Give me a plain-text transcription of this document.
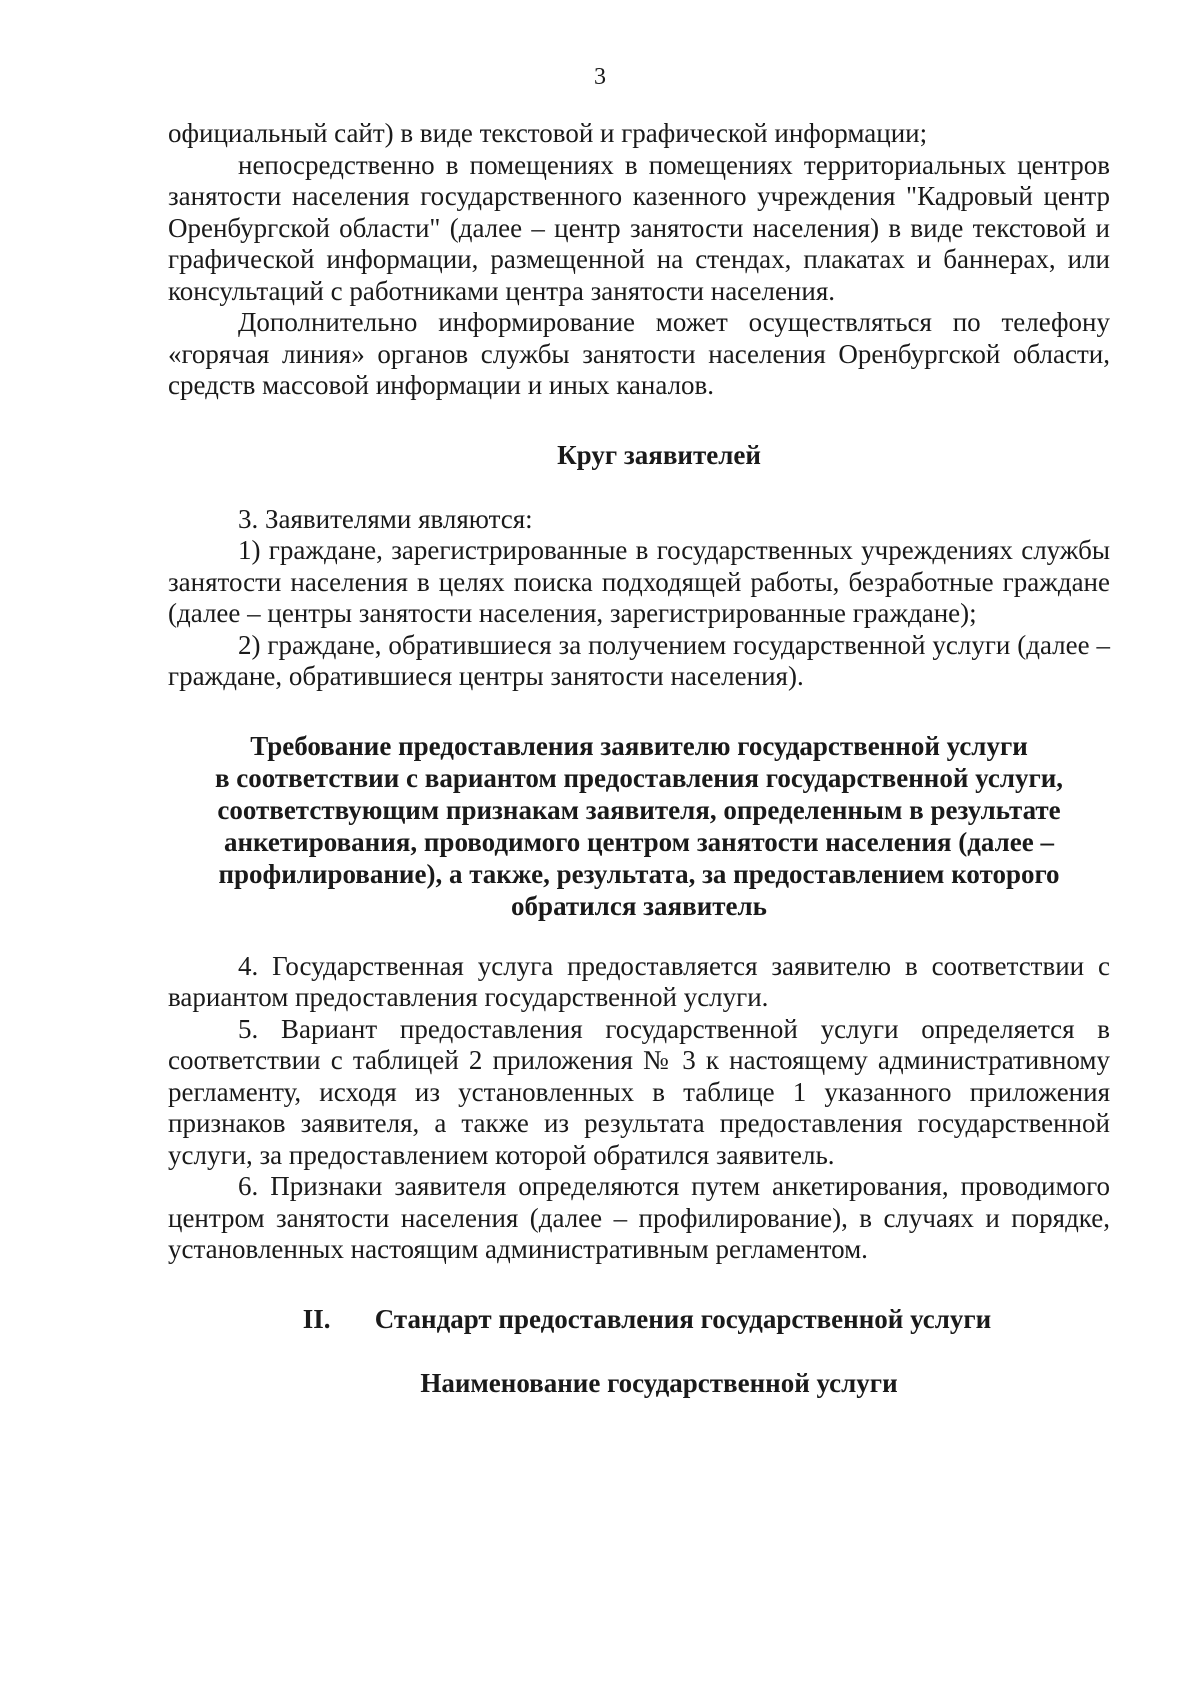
3

официальный сайт) в виде текстовой и графической информации;

непосредственно в помещениях в помещениях территориальных центров занятости населения государственного казенного учреждения "Кадровый центр Оренбургской области" (далее – центр занятости населения) в виде текстовой и графической информации, размещенной на стендах, плакатах и баннерах, или консультаций с работниками центра занятости населения.

Дополнительно информирование может осуществляться по телефону «горячая линия» органов службы занятости населения Оренбургской области, средств массовой информации и иных каналов.

Круг заявителей

3. Заявителями являются:

1) граждане, зарегистрированные в государственных учреждениях службы занятости населения в целях поиска подходящей работы, безработные граждане (далее – центры занятости населения, зарегистрированные граждане);

2) граждане, обратившиеся за получением государственной услуги (далее – граждане, обратившиеся центры занятости населения).

Требование предоставления заявителю государственной услуги
в соответствии с вариантом предоставления государственной услуги,
соответствующим признакам заявителя, определенным в результате
анкетирования, проводимого центром занятости населения (далее –
профилирование), а также, результата, за предоставлением которого
обратился заявитель

4. Государственная услуга предоставляется заявителю в соответствии с вариантом предоставления государственной услуги.

5. Вариант предоставления государственной услуги определяется в соответствии с таблицей 2 приложения № 3 к настоящему административному регламенту, исходя из установленных в таблице 1 указанного приложения признаков заявителя, а также из результата предоставления государственной услуги, за предоставлением которой обратился заявитель.

6. Признаки заявителя определяются путем анкетирования, проводимого центром занятости населения (далее – профилирование), в случаях и порядке, установленных настоящим административным регламентом.

II. Стандарт предоставления государственной услуги
Наименование государственной услуги
